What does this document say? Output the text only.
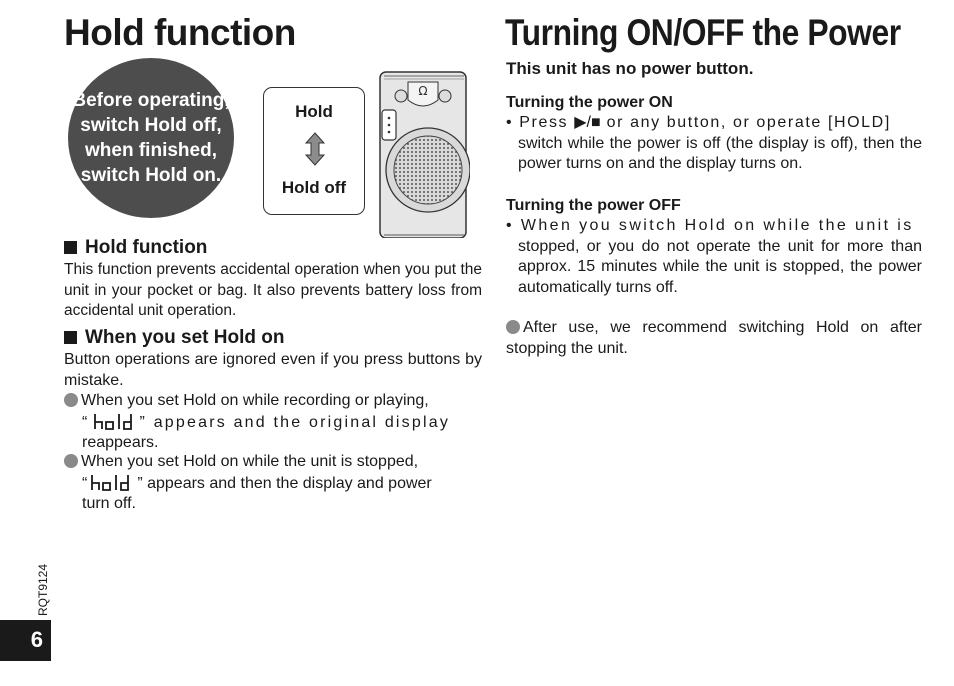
Hold function
Before operating, switch Hold off, when finished, switch Hold on.
Hold
Hold off
Ω
Hold function
This function prevents accidental operation when you put the unit in your pocket or bag. It also prevents battery loss from accidental unit operation.
When you set Hold on
Button operations are ignored even if you press buttons by mistake.
When you set Hold on while recording or playing,
“	” appears and the original display
reappears.
When you set Hold on while the unit is stopped,
“	” appears and then the display and power
turn off.
Turning ON/OFF the Power
This unit has no power button.
Turning the power ON
• Press ▶/■ or any button, or operate [HOLD]
switch while the power is off (the display is off), then the power turns on and the display turns on.
Turning the power OFF
• When you switch Hold on while the unit is
stopped, or you do not operate the unit for more than approx. 15 minutes while the unit is stopped, the power automatically turns off.
After use, we recommend switching Hold on after stopping the unit.
RQT9124
6
